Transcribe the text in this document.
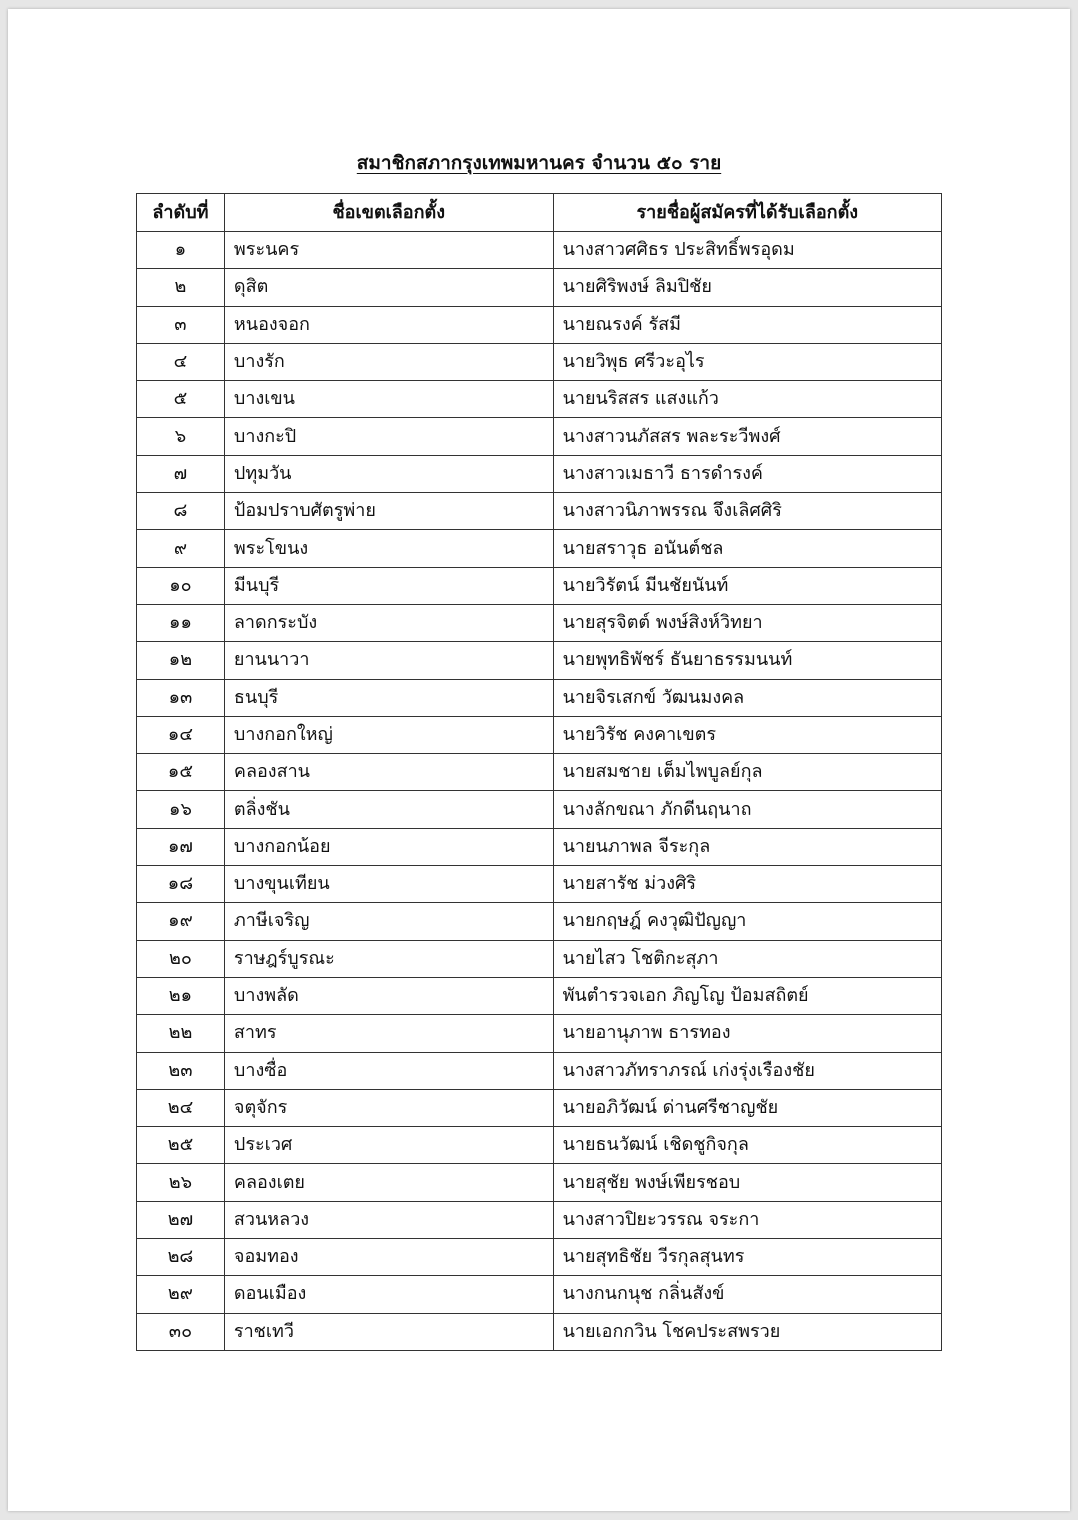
สมาชิกสภากรุงเทพมหานคร จำนวน ๕๐ ราย
ลำดับที่	ชื่อเขตเลือกตั้ง	รายชื่อผู้สมัครที่ได้รับเลือกตั้ง
๑	พระนคร	นางสาวศศิธร ประสิทธิ์พรอุดม
๒	ดุสิต	นายศิริพงษ์ ลิมปิชัย
๓	หนองจอก	นายณรงค์ รัสมี
๔	บางรัก	นายวิพุธ ศรีวะอุไร
๕	บางเขน	นายนริสสร แสงแก้ว
๖	บางกะปิ	นางสาวนภัสสร พละระวีพงศ์
๗	ปทุมวัน	นางสาวเมธาวี ธารดำรงค์
๘	ป้อมปราบศัตรูพ่าย	นางสาวนิภาพรรณ จึงเลิศศิริ
๙	พระโขนง	นายสราวุธ อนันต์ชล
๑๐	มีนบุรี	นายวิรัตน์ มีนชัยนันท์
๑๑	ลาดกระบัง	นายสุรจิตต์ พงษ์สิงห์วิทยา
๑๒	ยานนาวา	นายพุทธิพัชร์ ธันยาธรรมนนท์
๑๓	ธนบุรี	นายจิรเสกข์ วัฒนมงคล
๑๔	บางกอกใหญ่	นายวิรัช คงคาเขตร
๑๕	คลองสาน	นายสมชาย เต็มไพบูลย์กุล
๑๖	ตลิ่งชัน	นางลักขณา ภักดีนฤนาถ
๑๗	บางกอกน้อย	นายนภาพล จีระกุล
๑๘	บางขุนเทียน	นายสารัช ม่วงศิริ
๑๙	ภาษีเจริญ	นายกฤษฎ์ คงวุฒิปัญญา
๒๐	ราษฎร์บูรณะ	นายไสว โชติกะสุภา
๒๑	บางพลัด	พันตำรวจเอก ภิญโญ ป้อมสถิตย์
๒๒	สาทร	นายอานุภาพ ธารทอง
๒๓	บางซื่อ	นางสาวภัทราภรณ์ เก่งรุ่งเรืองชัย
๒๔	จตุจักร	นายอภิวัฒน์ ด่านศรีชาญชัย
๒๕	ประเวศ	นายธนวัฒน์ เชิดชูกิจกุล
๒๖	คลองเตย	นายสุชัย พงษ์เพียรชอบ
๒๗	สวนหลวง	นางสาวปิยะวรรณ จระกา
๒๘	จอมทอง	นายสุทธิชัย วีรกุลสุนทร
๒๙	ดอนเมือง	นางกนกนุช กลิ่นสังข์
๓๐	ราชเทวี	นายเอกกวิน โชคประสพรวย
